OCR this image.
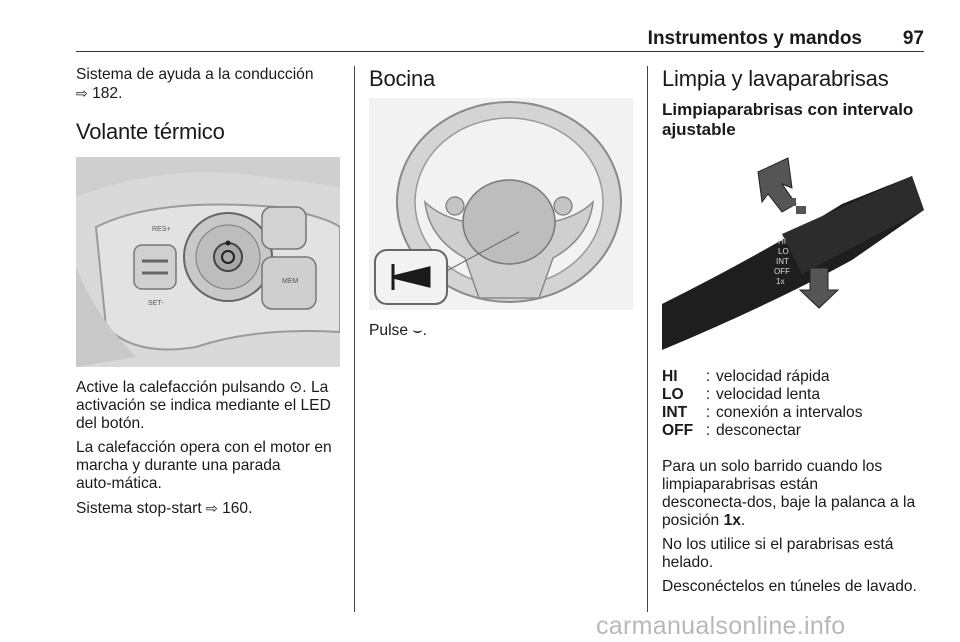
Instrumentos y mandos 97

Sistema de ayuda a la conducción
⇨ 182.

Volante térmico
RES+
SET-
MEM

Active la calefacción pulsando ⊙. La activación se indica mediante el LED del botón.

La calefacción opera con el motor en marcha y durante una parada auto‑mática.

Sistema stop-start ⇨ 160.

Bocina

Pulse ⌣.

Limpia y lavaparabrisas
Limpiaparabrisas con intervalo ajustable
HI
LO
INT
OFF
1x
HI	:	velocidad rápida
LO	:	velocidad lenta
INT	:	conexión a intervalos
OFF	:	desconectar

Para un solo barrido cuando los limpiaparabrisas están desconecta‑dos, baje la palanca a la posición 1x.

No los utilice si el parabrisas está helado.

Desconéctelos en túneles de lavado.

carmanualsonline.info
